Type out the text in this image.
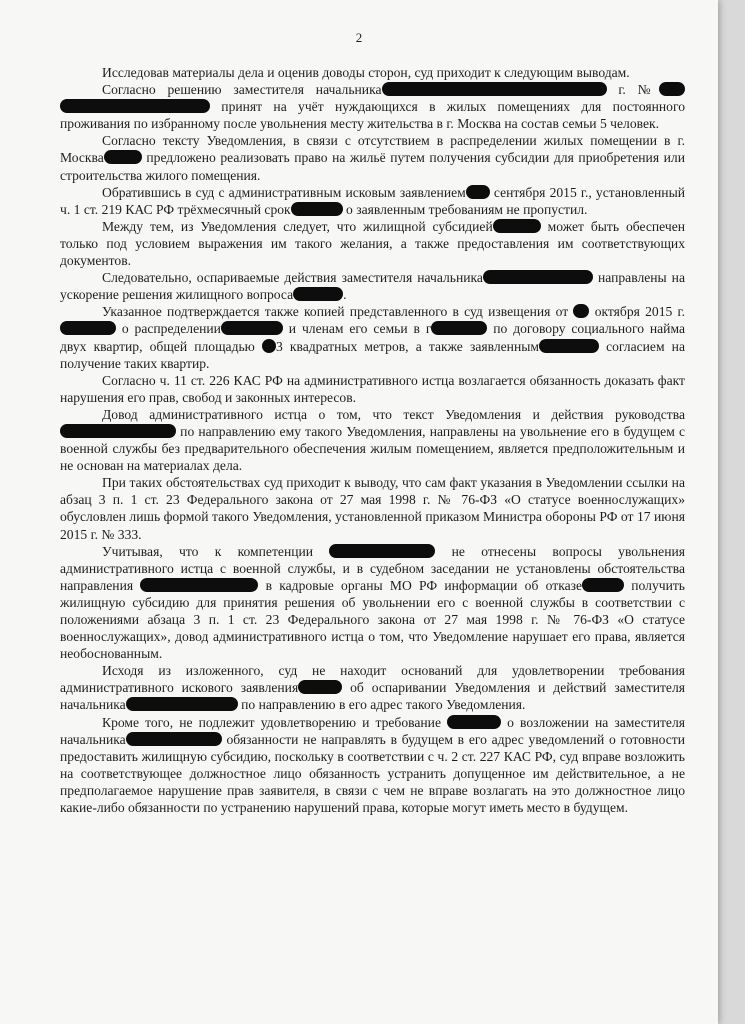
2

Исследовав материалы дела и оценив доводы сторон, суд приходит к следующим выводам.

Согласно решению заместителя начальника	г. № принят на учёт нуждающихся в жилых помещениях для постоянного проживания по избранному после увольнения месту жительства в г. Москва на состав семьи 5 человек.

Согласно тексту Уведомления, в связи с отсутствием в распределении жилых помещении в г. Москва	предложено реализовать право на жильё путем получения субсидии для приобретения или строительства жилого помещения.

Обратившись в суд с административным исковым заявлением сентября 2015 г., установленный ч. 1 ст. 219 КАС РФ трёхмесячный срок	о заявленным требованиям не пропустил.

Между тем, из Уведомления следует, что жилищной субсидией	может быть обеспечен только под условием выражения им такого желания, а также предоставления им соответствующих документов.

Следовательно, оспариваемые действия заместителя начальника	направлены на ускорение решения жилищного вопроса	.

Указанное подтверждается также копией представленного в суд извещения от  октября 2015 г.  о распределении	и членам его семьи в г	по договору социального найма двух квартир, общей площадью 3 квадратных метров, а также заявленным	согласием на получение таких квартир.

Согласно ч. 11 ст. 226 КАС РФ на административного истца возлагается обязанность доказать факт нарушения его прав, свобод и законных интересов.

Довод административного истца о том, что текст Уведомления и действия руководства  по направлению ему такого Уведомления, направлены на увольнение его в будущем с военной службы без предварительного обеспечения жилым помещением, является предположительным и не основан на материалах дела.

При таких обстоятельствах суд приходит к выводу, что сам факт указания в Уведомлении ссылки на абзац 3 п. 1 ст. 23 Федерального закона от 27 мая 1998 г. № 76-ФЗ «О статусе военнослужащих» обусловлен лишь формой такого Уведомления, установленной приказом Министра обороны РФ от 17 июня 2015 г. № 333.

Учитывая, что к компетенции	не отнесены вопросы увольнения административного истца с военной службы, и в судебном заседании не установлены обстоятельства направления	в кадровые органы МО РФ информации об отказе	получить жилищную субсидию для принятия решения об увольнении его с военной службы в соответствии с положениями абзаца 3 п. 1 ст. 23 Федерального закона от 27 мая 1998 г. № 76-ФЗ «О статусе военнослужащих», довод административного истца о том, что Уведомление нарушает его права, является необоснованным.

Исходя из изложенного, суд не находит оснований для удовлетворении требования административного искового заявления	об оспаривании Уведомления и действий заместителя начальника	по направлению в его адрес такого Уведомления.

Кроме того, не подлежит удовлетворению и требование	о возложении на заместителя начальника	обязанности не направлять в будущем в его адрес уведомлений о готовности предоставить жилищную субсидию, поскольку в соответствии с ч. 2 ст. 227 КАС РФ, суд вправе возложить на соответствующее должностное лицо обязанность устранить допущенное им действительное, а не предполагаемое нарушение прав заявителя, в связи с чем не вправе возлагать на это должностное лицо какие-либо обязанности по устранению нарушений права, которые могут иметь место в будущем.
